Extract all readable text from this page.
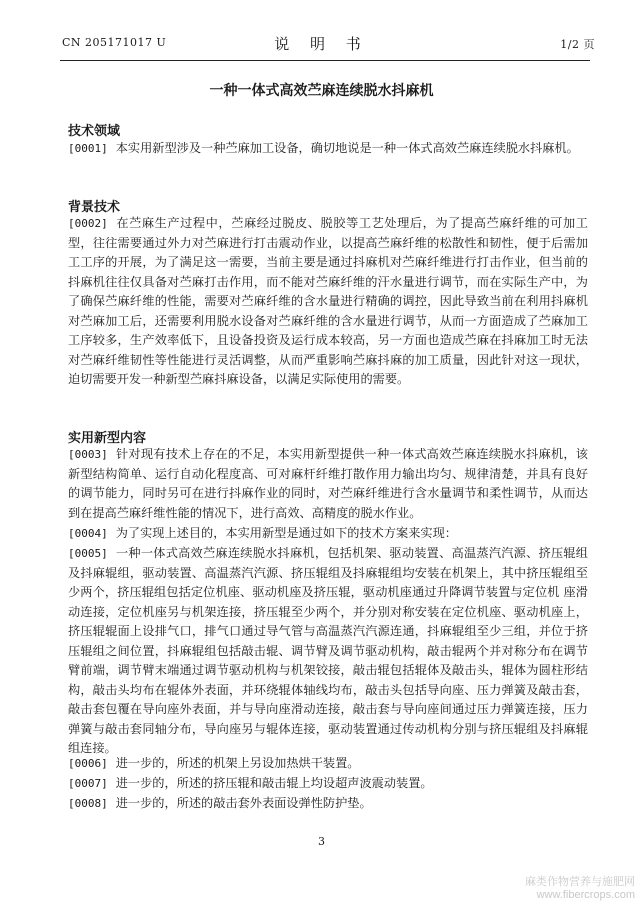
CN 205171017 U	说 明 书	1/2 页
一种一体式高效苎麻连续脱水抖麻机
技术领域

[0001] 本实用新型涉及一种苎麻加工设备，确切地说是一种一体式高效苎麻连续脱水抖麻机。

背景技术

[0002] 在苎麻生产过程中，苎麻经过脱皮、脱胶等工艺处理后，为了提高苎麻纤维的可加工型，往往需要通过外力对苎麻进行打击震动作业，以提高苎麻纤维的松散性和韧性，便于后需加工工序的开展，为了满足这一需要，当前主要是通过抖麻机对苎麻纤维进行打击作业，但当前的抖麻机往往仅具备对苎麻打击作用，而不能对苎麻纤维的汗水量进行调节，而在实际生产中，为了确保苎麻纤维的性能，需要对苎麻纤维的含水量进行精确的调控，因此导致当前在利用抖麻机对苎麻加工后，还需要利用脱水设备对苎麻纤维的含水量进行调节，从而一方面造成了苎麻加工工序较多，生产效率低下，且设备投资及运行成本较高，另一方面也造成苎麻在抖麻加工时无法对苎麻纤维韧性等性能进行灵活调整，从而严重影响苎麻抖麻的加工质量，因此针对这一现状，迫切需要开发一种新型苎麻抖麻设备，以满足实际使用的需要。

实用新型内容

[0003] 针对现有技术上存在的不足，本实用新型提供一种一体式高效苎麻连续脱水抖麻机，该新型结构简单、运行自动化程度高、可对麻杆纤维打散作用力输出均匀、规律清楚，并具有良好的调节能力，同时另可在进行抖麻作业的同时，对苎麻纤维进行含水量调节和柔性调节，从而达到在提高苎麻纤维性能的情况下，进行高效、高精度的脱水作业。

[0004] 为了实现上述目的，本实用新型是通过如下的技术方案来实现：

[0005] 一种一体式高效苎麻连续脱水抖麻机，包括机架、驱动装置、高温蒸汽汽源、挤压辊组及抖麻辊组，驱动装置、高温蒸汽汽源、挤压辊组及抖麻辊组均安装在机架上，其中挤压辊组至少两个，挤压辊组包括定位机座、驱动机座及挤压辊，驱动机座通过升降调节装置与定位机 座滑动连接，定位机座另与机架连接，挤压辊至少两个，并分别对称安装在定位机座、驱动机座上，挤压辊辊面上设排气口，排气口通过导气管与高温蒸汽汽源连通，抖麻辊组至少三组，并位于挤压辊组之间位置，抖麻辊组包括敲击辊、调节臂及调节驱动机构，敲击辊两个并对称分布在调节臂前端，调节臂末端通过调节驱动机构与机架铰接，敲击辊包括辊体及敲击头，辊体为圆柱形结构，敲击头均布在辊体外表面，并环绕辊体轴线均布，敲击头包括导向座、压力弹簧及敲击套，敲击套包覆在导向座外表面，并与导向座滑动连接，敲击套与导向座间通过压力弹簧连接，压力弹簧与敲击套同轴分布，导向座另与辊体连接，驱动装置通过传动机构分别与挤压辊组及抖麻辊组连接。

[0006] 进一步的，所述的机架上另设加热烘干装置。

[0007] 进一步的，所述的挤压辊和敲击辊上均设超声波震动装置。

[0008] 进一步的，所述的敲击套外表面设弹性防护垫。

3
麻类作物营养与施肥网
www.fibercrops.com
